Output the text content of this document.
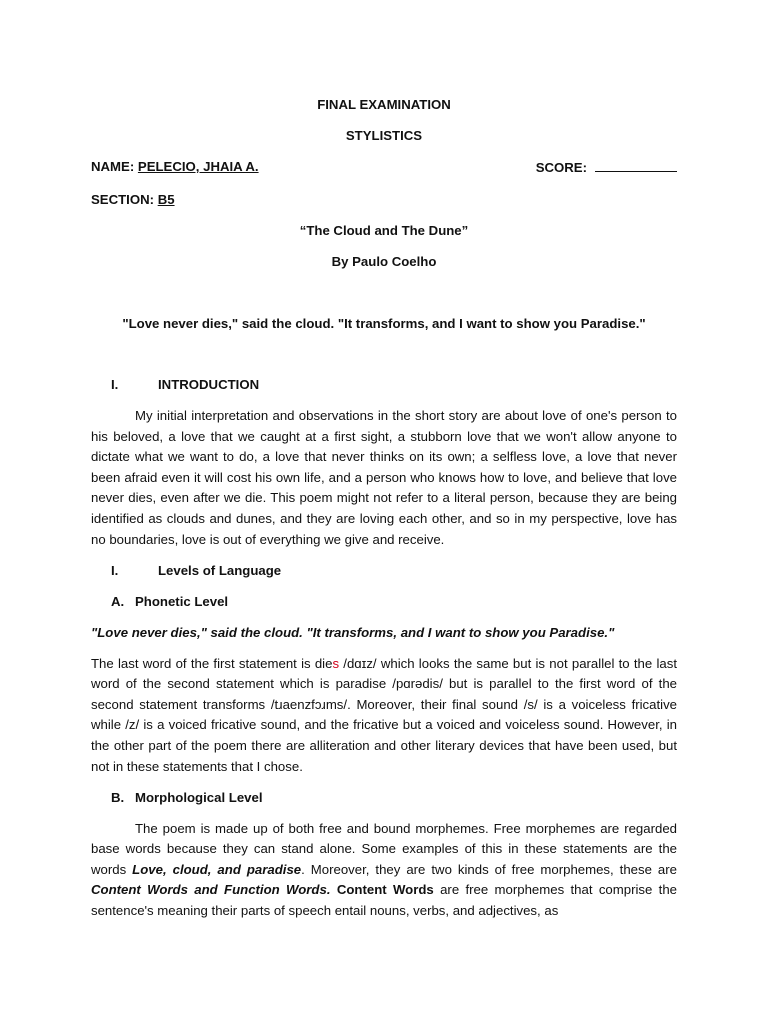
FINAL EXAMINATION
STYLISTICS
NAME: PELECIO, JHAIA A.	SCORE:
SECTION: B5
“The Cloud and The Dune”
By Paulo Coelho
"Love never dies," said the cloud. "It transforms, and I want to show you Paradise."
I.	INTRODUCTION

My initial interpretation and observations in the short story are about love of one's person to his beloved, a love that we caught at a first sight, a stubborn love that we won't allow anyone to dictate what we want to do, a love that never thinks on its own; a selfless love, a love that never been afraid even it will cost his own life, and a person who knows how to love, and believe that love never dies, even after we die. This poem might not refer to a literal person, because they are being identified as clouds and dunes, and they are loving each other, and so in my perspective, love has no boundaries, love is out of everything we give and receive.

I.	Levels of Language
A. Phonetic Level
"Love never dies," said the cloud. "It transforms, and I want to show you Paradise."

The last word of the first statement is dies /dɑɪz/ which looks the same but is not parallel to the last word of the second statement which is paradise /pɑrədis/ but is parallel to the first word of the second statement transforms /tɹaenzfɔɹms/. Moreover, their final sound /s/ is a voiceless fricative while /z/ is a voiced fricative sound, and the fricative but a voiced and voiceless sound. However, in the other part of the poem there are alliteration and other literary devices that have been used, but not in these statements that I chose.

B. Morphological Level

The poem is made up of both free and bound morphemes. Free morphemes are regarded base words because they can stand alone. Some examples of this in these statements are the words Love, cloud, and paradise. Moreover, they are two kinds of free morphemes, these are Content Words and Function Words. Content Words are free morphemes that comprise the sentence's meaning their parts of speech entail nouns, verbs, and adjectives, as
